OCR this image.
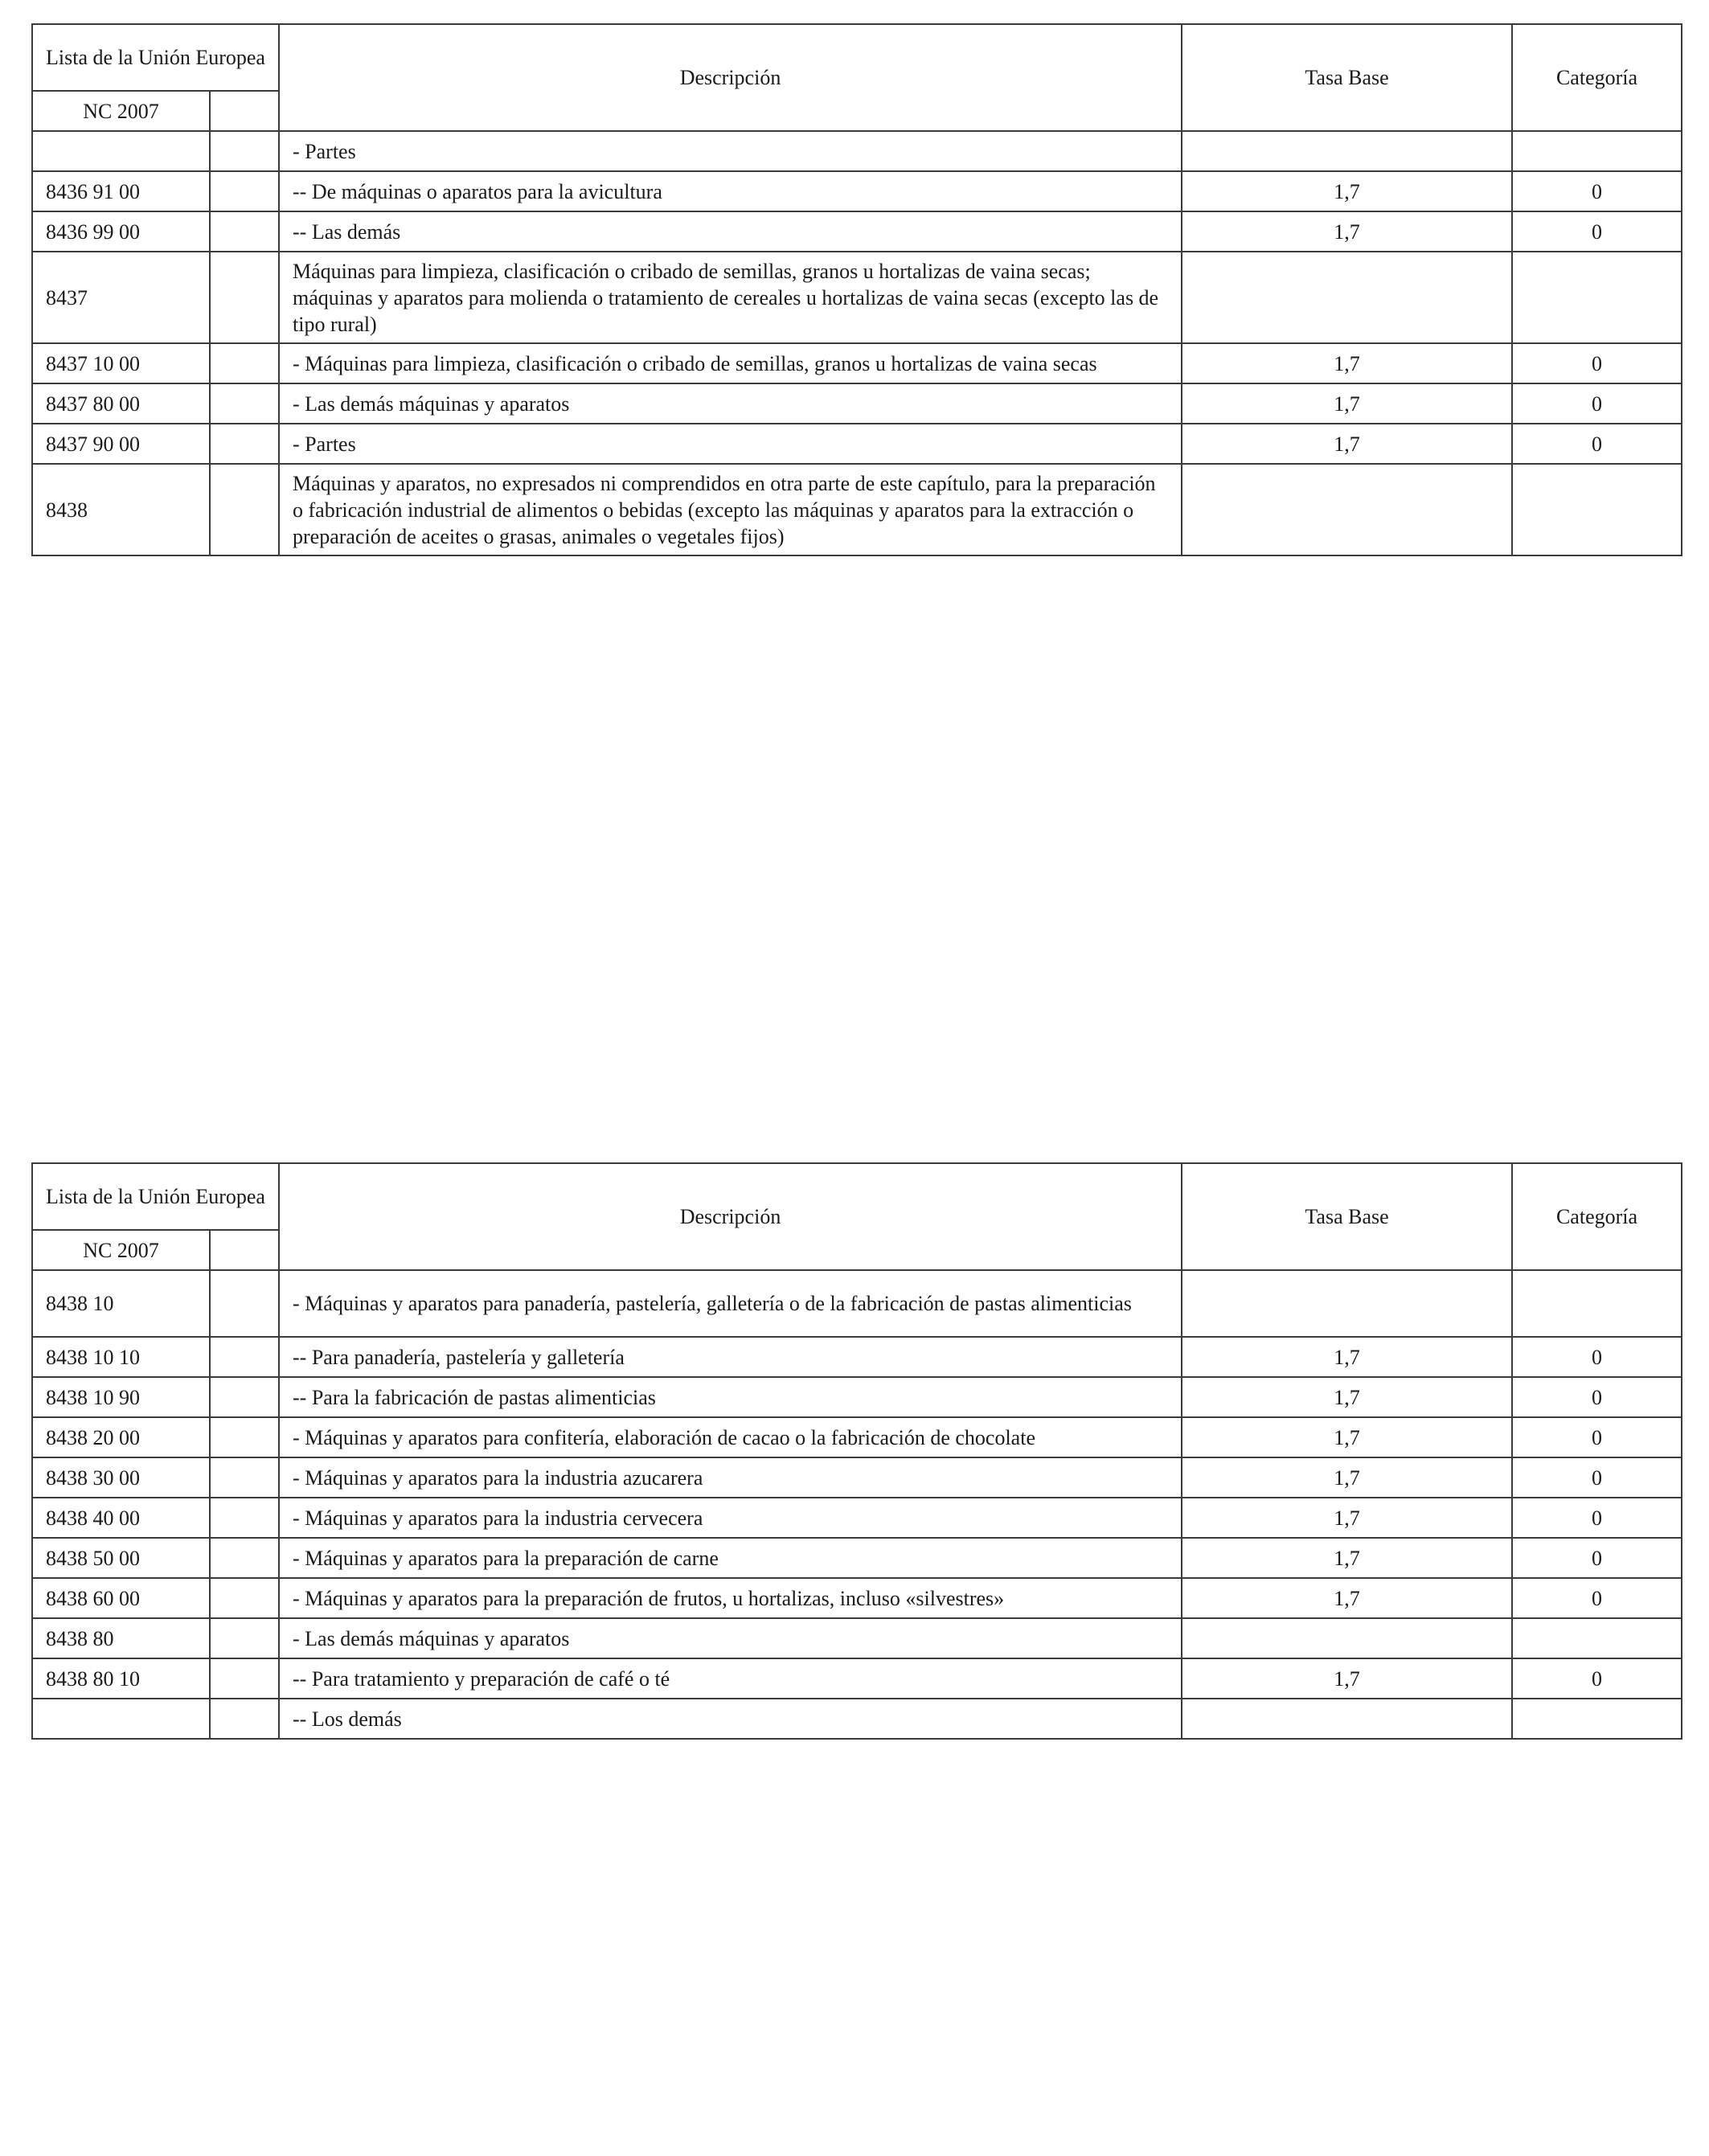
Lista de la Unión Europea		Descripción	Tasa Base	Categoría
NC 2007				
		- Partes		
8436 91 00		-- De máquinas o aparatos para la avicultura	1,7	0
8436 99 00		-- Las demás	1,7	0
8437		Máquinas para limpieza, clasificación o cribado de semillas, granos u hortalizas de vaina secas; máquinas y aparatos para molienda o tratamiento de cereales u hortalizas de vaina secas (excepto las de tipo rural)		
8437 10 00		- Máquinas para limpieza, clasificación o cribado de semillas, granos u hortalizas de vaina secas	1,7	0
8437 80 00		- Las demás máquinas y aparatos	1,7	0
8437 90 00		- Partes	1,7	0
8438		Máquinas y aparatos, no expresados ni comprendidos en otra parte de este capítulo, para la preparación o fabricación industrial de alimentos o bebidas (excepto las máquinas y aparatos para la extracción o preparación de aceites o grasas, animales o vegetales fijos)		
Lista de la Unión Europea		Descripción	Tasa Base	Categoría
NC 2007				
8438 10		- Máquinas y aparatos para panadería, pastelería, galletería o de la fabricación de pastas alimenticias		
8438 10 10		-- Para panadería, pastelería y galletería	1,7	0
8438 10 90		-- Para la fabricación de pastas alimenticias	1,7	0
8438 20 00		- Máquinas y aparatos para confitería, elaboración de cacao o la fabricación de chocolate	1,7	0
8438 30 00		- Máquinas y aparatos para la industria azucarera	1,7	0
8438 40 00		- Máquinas y aparatos para la industria cervecera	1,7	0
8438 50 00		- Máquinas y aparatos para la preparación de carne	1,7	0
8438 60 00		- Máquinas y aparatos para la preparación de frutos, u hortalizas, incluso «silvestres»	1,7	0
8438 80		- Las demás máquinas y aparatos		
8438 80 10		-- Para tratamiento y preparación de café o té	1,7	0
		-- Los demás		
